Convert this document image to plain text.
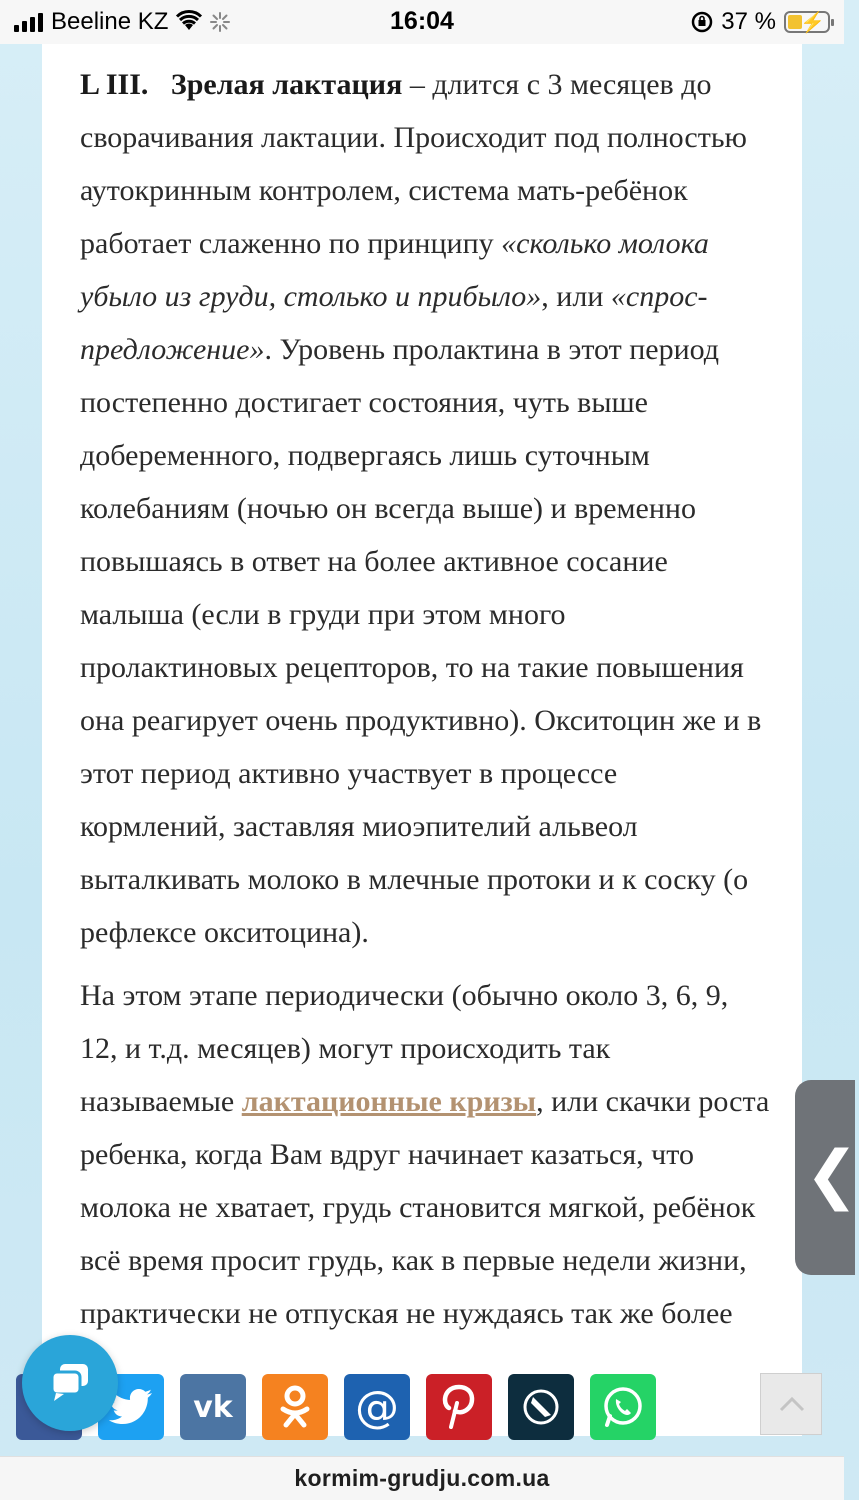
Beeline KZ	16:04	37 % ⚡

L III. Зрелая лактация – длится с 3 месяцев до сворачивания лактации. Происходит под полностью аутокринным контролем, система мать-ребёнок работает слаженно по принципу «сколько молока убыло из груди, столько и прибыло», или «спрос-предложение». Уровень пролактина в этот период постепенно достигает состояния, чуть выше добеременного, подвергаясь лишь суточным колебаниям (ночью он всегда выше) и временно повышаясь в ответ на более активное сосание малыша (если в груди при этом много пролактиновых рецепторов, то на такие повышения она реагирует очень продуктивно). Окситоцин же и в этот период активно участвует в процессе кормлений, заставляя миоэпителий альвеол выталкивать молоко в млечные протоки и к соску (о рефлексе окситоцина).

На этом этапе периодически (обычно около 3, 6, 9, 12, и т.д. месяцев) могут происходить так называемые лактационные кризы, или скачки роста ребенка, когда Вам вдруг начинает казаться, что молока не хватает, грудь становится мягкой, ребёнок всё время просит грудь, как в первые недели жизни, практически не отпуская не нуждаясь так же более

❮
vk	@
kormim-grudju.com.ua
